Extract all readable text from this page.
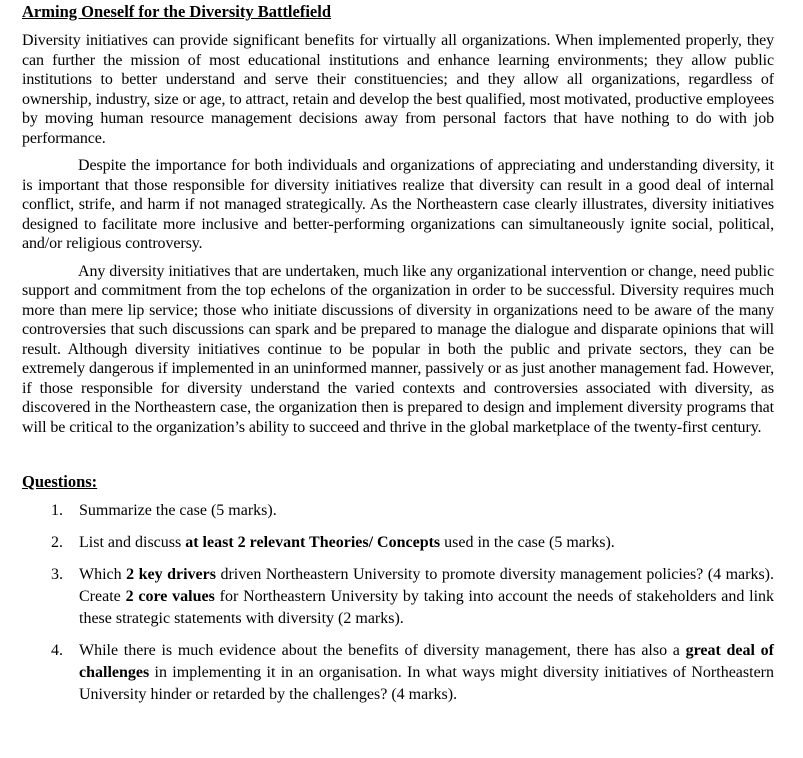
Arming Oneself for the Diversity Battlefield

Diversity initiatives can provide significant benefits for virtually all organizations. When implemented properly, they can further the mission of most educational institutions and enhance learning environments; they allow public institutions to better understand and serve their constituencies; and they allow all organizations, regardless of ownership, industry, size or age, to attract, retain and develop the best qualified, most motivated, productive employees by moving human resource management decisions away from personal factors that have nothing to do with job performance.

Despite the importance for both individuals and organizations of appreciating and understanding diversity, it is important that those responsible for diversity initiatives realize that diversity can result in a good deal of internal conflict, strife, and harm if not managed strategically. As the Northeastern case clearly illustrates, diversity initiatives designed to facilitate more inclusive and better-performing organizations can simultaneously ignite social, political, and/or religious controversy.

Any diversity initiatives that are undertaken, much like any organizational intervention or change, need public support and commitment from the top echelons of the organization in order to be successful. Diversity requires much more than mere lip service; those who initiate discussions of diversity in organizations need to be aware of the many controversies that such discussions can spark and be prepared to manage the dialogue and disparate opinions that will result. Although diversity initiatives continue to be popular in both the public and private sectors, they can be extremely dangerous if implemented in an uninformed manner, passively or as just another management fad. However, if those responsible for diversity understand the varied contexts and controversies associated with diversity, as discovered in the Northeastern case, the organization then is prepared to design and implement diversity programs that will be critical to the organization’s ability to succeed and thrive in the global marketplace of the twenty-first century.

Questions:
1. Summarize the case (5 marks).
2. List and discuss at least 2 relevant Theories/ Concepts used in the case (5 marks).
3. Which 2 key drivers driven Northeastern University to promote diversity management policies? (4 marks). Create 2 core values for Northeastern University by taking into account the needs of stakeholders and link these strategic statements with diversity (2 marks).
4. While there is much evidence about the benefits of diversity management, there has also a great deal of challenges in implementing it in an organisation. In what ways might diversity initiatives of Northeastern University hinder or retarded by the challenges? (4 marks).
